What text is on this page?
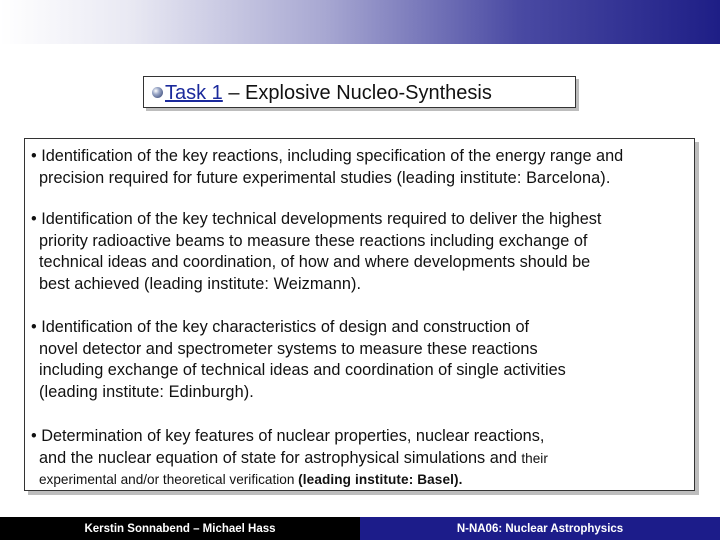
Task 1 – Explosive Nucleo-Synthesis
• Identification of the key reactions, including specification of the energy range and
precision required for future experimental studies (leading institute: Barcelona).
• Identification of the key technical developments required to deliver the highest
priority radioactive beams to measure these reactions including exchange of
technical ideas and coordination, of how and where developments should be
best achieved (leading institute: Weizmann).
• Identification of the key characteristics of design and construction of
novel detector and spectrometer systems to measure these reactions
including exchange of technical ideas and coordination of single activities
(leading institute: Edinburgh).
• Determination of key features of nuclear properties, nuclear reactions,
and the nuclear equation of state for astrophysical simulations and their
experimental and/or theoretical verification (leading institute: Basel).
Kerstin Sonnabend – Michael Hass	N-NA06: Nuclear Astrophysics
